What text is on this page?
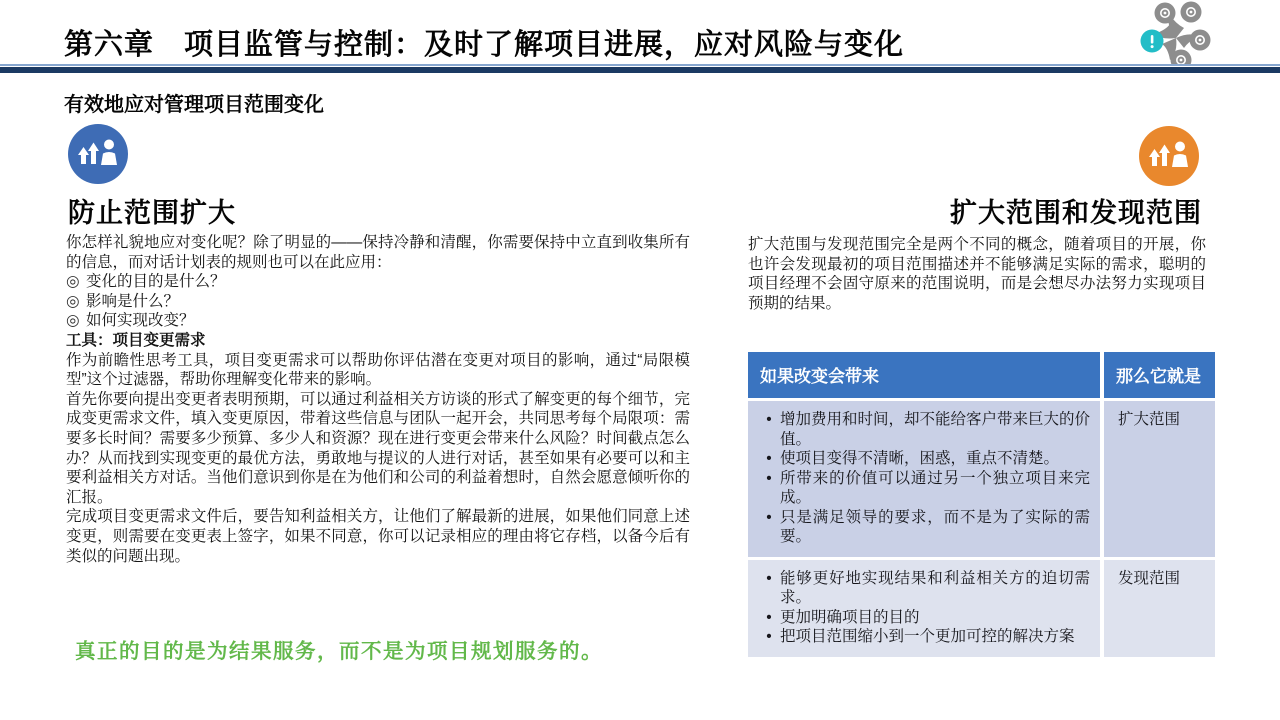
第六章　项目监管与控制：及时了解项目进展，应对风险与变化
有效地应对管理项目范围变化
防止范围扩大

你怎样礼貌地应对变化呢？除了明显的——保持冷静和清醒，你需要保持中立直到收集所有的信息，而对话计划表的规则也可以在此应用：

◎ 变化的目的是什么？
◎ 影响是什么？
◎ 如何实现改变？
工具：项目变更需求

作为前瞻性思考工具，项目变更需求可以帮助你评估潜在变更对项目的影响，通过“局限模型”这个过滤器，帮助你理解变化带来的影响。

首先你要向提出变更者表明预期，可以通过利益相关方访谈的形式了解变更的每个细节，完成变更需求文件，填入变更原因，带着这些信息与团队一起开会，共同思考每个局限项：需要多长时间？需要多少预算、多少人和资源？现在进行变更会带来什么风险？时间截点怎么办？从而找到实现变更的最优方法，勇敢地与提议的人进行对话，甚至如果有必要可以和主要利益相关方对话。当他们意识到你是在为他们和公司的利益着想时，自然会愿意倾听你的汇报。

完成项目变更需求文件后，要告知利益相关方，让他们了解最新的进展，如果他们同意上述变更，则需要在变更表上签字，如果不同意，你可以记录相应的理由将它存档，以备今后有类似的问题出现。

扩大范围和发现范围
扩大范围与发现范围完全是两个不同的概念，随着项目的开展，你也许会发现最初的项目范围描述并不能够满足实际的需求，聪明的项目经理不会固守原来的范围说明，而是会想尽办法努力实现项目预期的结果。
如果改变会带来	那么它就是
• 增加费用和时间，却不能给客户带来巨大的价值。
• 使项目变得不清晰，困惑，重点不清楚。
• 所带来的价值可以通过另一个独立项目来完成。
• 只是满足领导的要求，而不是为了实际的需要。
扩大范围
• 能够更好地实现结果和利益相关方的迫切需求。
• 更加明确项目的目的
• 把项目范围缩小到一个更加可控的解决方案
发现范围
真正的目的是为结果服务，而不是为项目规划服务的。
